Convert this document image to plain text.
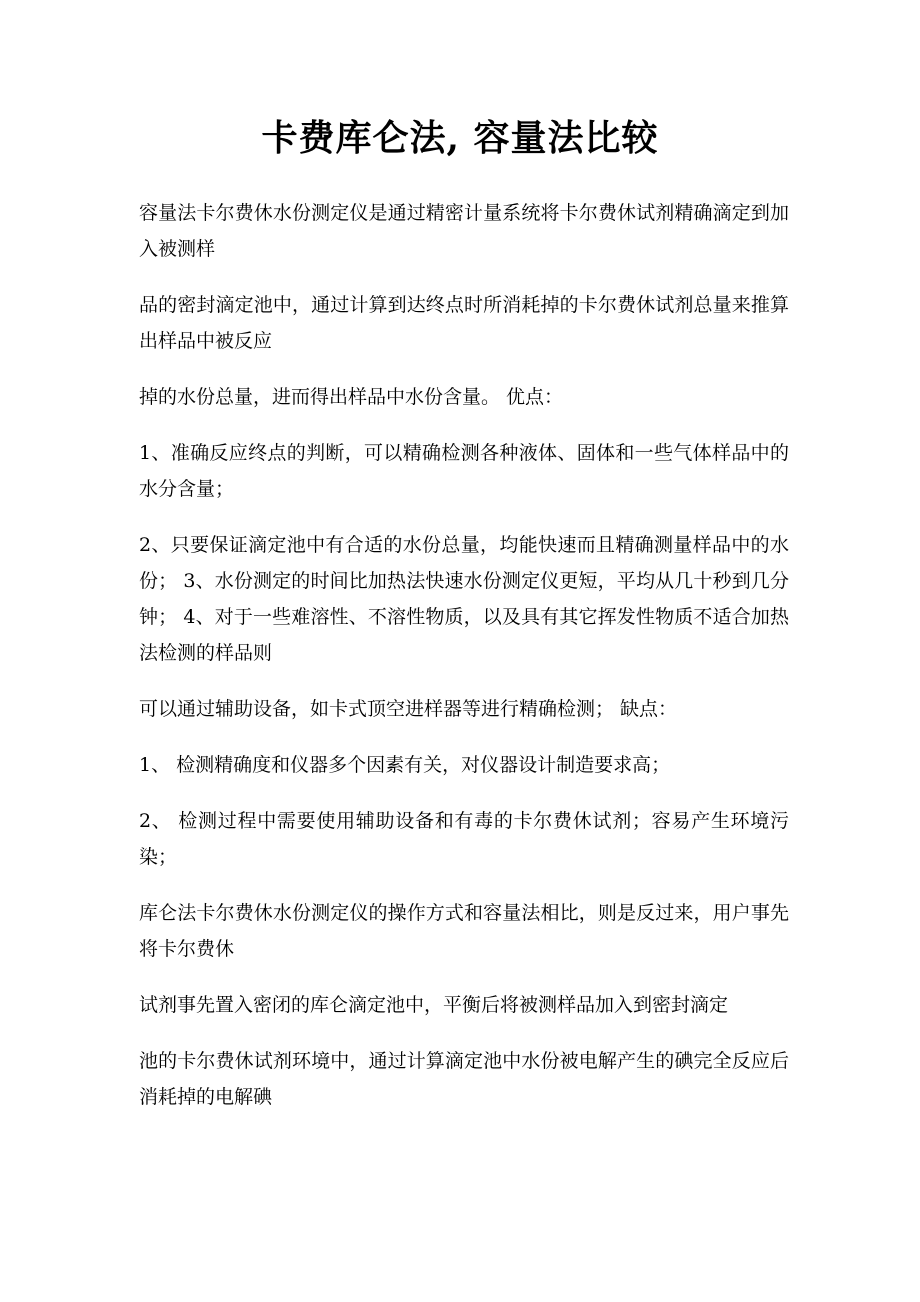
卡费库仑法, 容量法比较

容量法卡尔费休水份测定仪是通过精密计量系统将卡尔费休试剂精确滴定到加入被测样

品的密封滴定池中，通过计算到达终点时所消耗掉的卡尔费休试剂总量来推算出样品中被反应

掉的水份总量，进而得出样品中水份含量。 优点：

1、准确反应终点的判断，可以精确检测各种液体、固体和一些气体样品中的水分含量；

2、只要保证滴定池中有合适的水份总量，均能快速而且精确测量样品中的水份； 3、水份测定的时间比加热法快速水份测定仪更短，平均从几十秒到几分钟； 4、对于一些难溶性、不溶性物质，以及具有其它挥发性物质不适合加热法检测的样品则

可以通过辅助设备，如卡式顶空进样器等进行精确检测； 缺点：

1、 检测精确度和仪器多个因素有关，对仪器设计制造要求高；

2、 检测过程中需要使用辅助设备和有毒的卡尔费休试剂；容易产生环境污染；

库仑法卡尔费休水份测定仪的操作方式和容量法相比，则是反过来，用户事先将卡尔费休

试剂事先置入密闭的库仑滴定池中，平衡后将被测样品加入到密封滴定

池的卡尔费休试剂环境中，通过计算滴定池中水份被电解产生的碘完全反应后消耗掉的电解碘
